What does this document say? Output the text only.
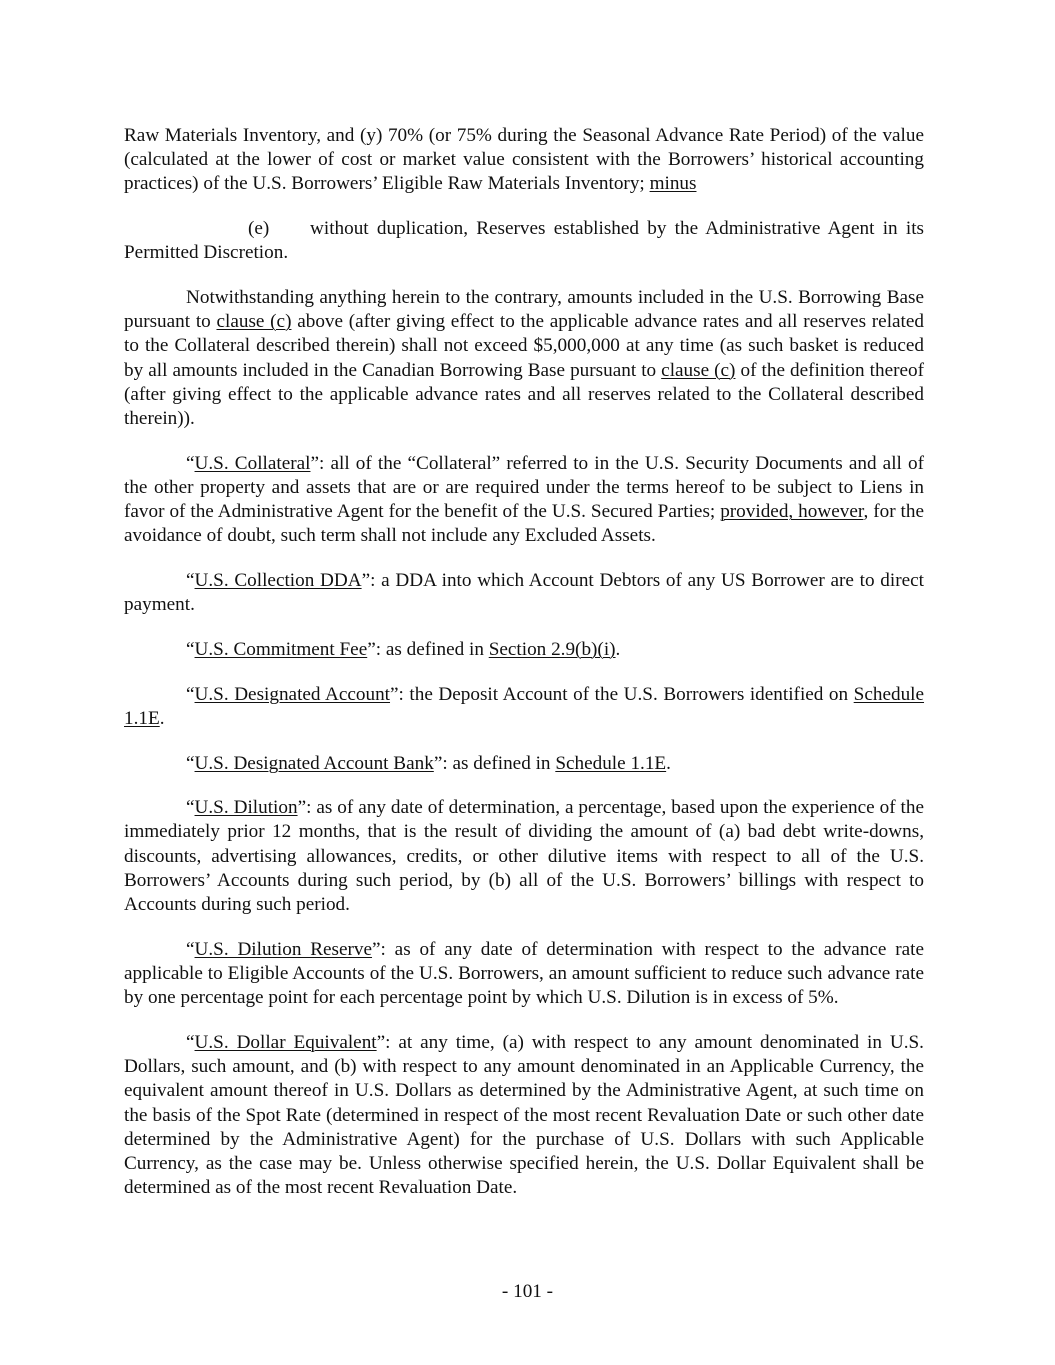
Raw Materials Inventory, and (y) 70% (or 75% during the Seasonal Advance Rate Period) of the value (calculated at the lower of cost or market value consistent with the Borrowers’ historical accounting practices) of the U.S. Borrowers’ Eligible Raw Materials Inventory; minus

(e) without duplication, Reserves established by the Administrative Agent in its Permitted Discretion.

Notwithstanding anything herein to the contrary, amounts included in the U.S. Borrowing Base pursuant to clause (c) above (after giving effect to the applicable advance rates and all reserves related to the Collateral described therein) shall not exceed $5,000,000 at any time (as such basket is reduced by all amounts included in the Canadian Borrowing Base pursuant to clause (c) of the definition thereof (after giving effect to the applicable advance rates and all reserves related to the Collateral described therein)).

“U.S. Collateral”: all of the “Collateral” referred to in the U.S. Security Documents and all of the other property and assets that are or are required under the terms hereof to be subject to Liens in favor of the Administrative Agent for the benefit of the U.S. Secured Parties; provided, however, for the avoidance of doubt, such term shall not include any Excluded Assets.

“U.S. Collection DDA”: a DDA into which Account Debtors of any US Borrower are to direct payment.

“U.S. Commitment Fee”: as defined in Section 2.9(b)(i).

“U.S. Designated Account”: the Deposit Account of the U.S. Borrowers identified on Schedule 1.1E.

“U.S. Designated Account Bank”: as defined in Schedule 1.1E.

“U.S. Dilution”: as of any date of determination, a percentage, based upon the experience of the immediately prior 12 months, that is the result of dividing the amount of (a) bad debt write-downs, discounts, advertising allowances, credits, or other dilutive items with respect to all of the U.S. Borrowers’ Accounts during such period, by (b) all of the U.S. Borrowers’ billings with respect to Accounts during such period.

“U.S. Dilution Reserve”: as of any date of determination with respect to the advance rate applicable to Eligible Accounts of the U.S. Borrowers, an amount sufficient to reduce such advance rate by one percentage point for each percentage point by which U.S. Dilution is in excess of 5%.

“U.S. Dollar Equivalent”: at any time, (a) with respect to any amount denominated in U.S. Dollars, such amount, and (b) with respect to any amount denominated in an Applicable Currency, the equivalent amount thereof in U.S. Dollars as determined by the Administrative Agent, at such time on the basis of the Spot Rate (determined in respect of the most recent Revaluation Date or such other date determined by the Administrative Agent) for the purchase of U.S. Dollars with such Applicable Currency, as the case may be. Unless otherwise specified herein, the U.S. Dollar Equivalent shall be determined as of the most recent Revaluation Date.

- 101 -
